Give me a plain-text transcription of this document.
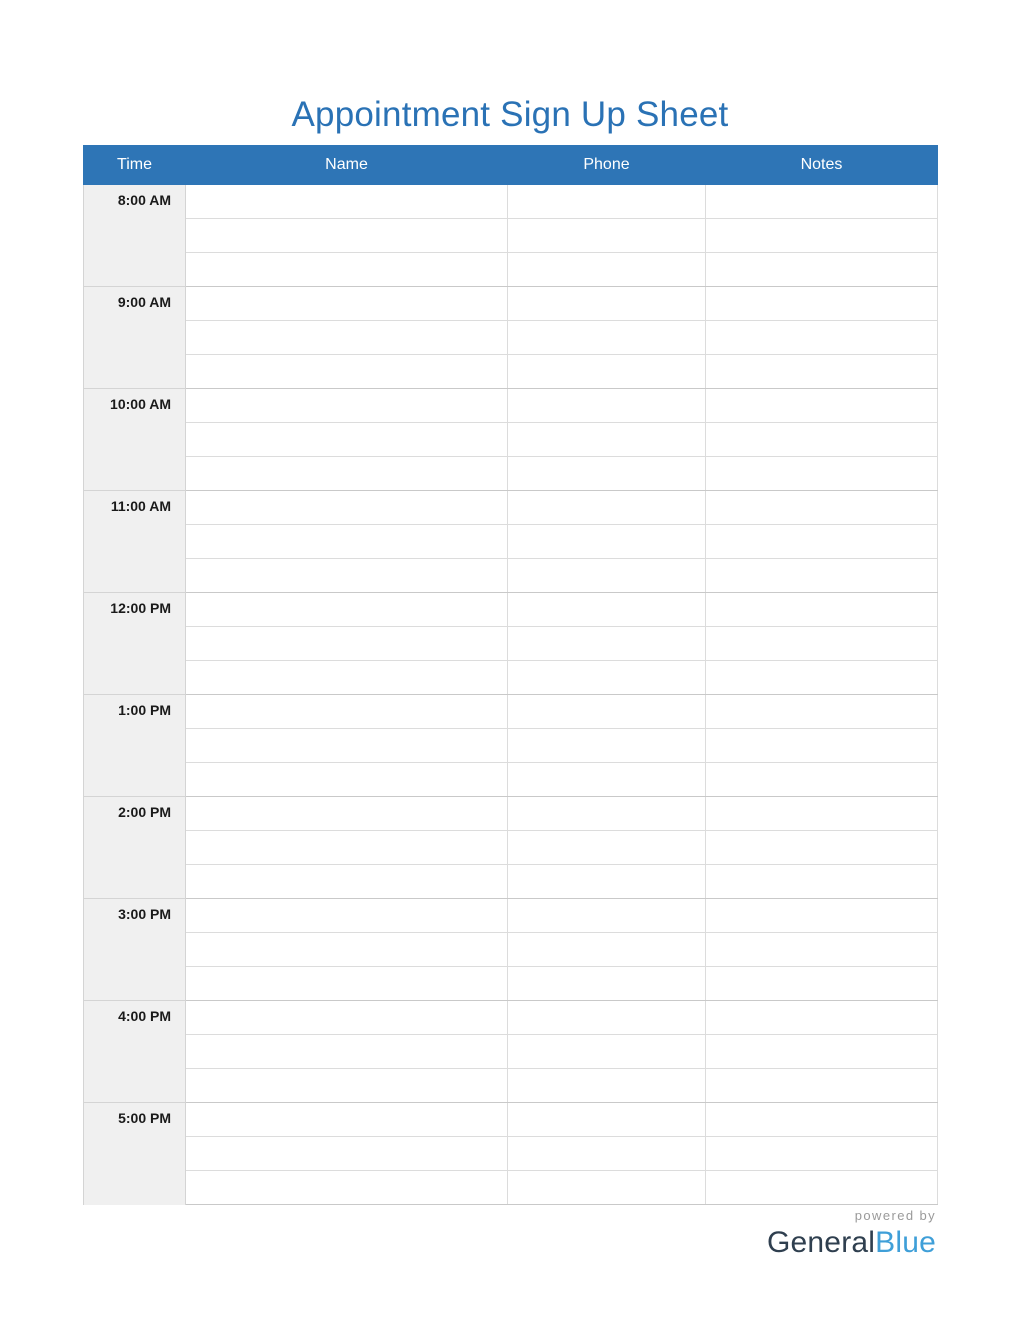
Appointment Sign Up Sheet
Time	Name	Phone	Notes

8:00 AM			

9:00 AM			

10:00 AM			

11:00 AM			

12:00 PM			

1:00 PM			

2:00 PM			

3:00 PM			

4:00 PM			

5:00 PM			

powered by
GeneralBlue
